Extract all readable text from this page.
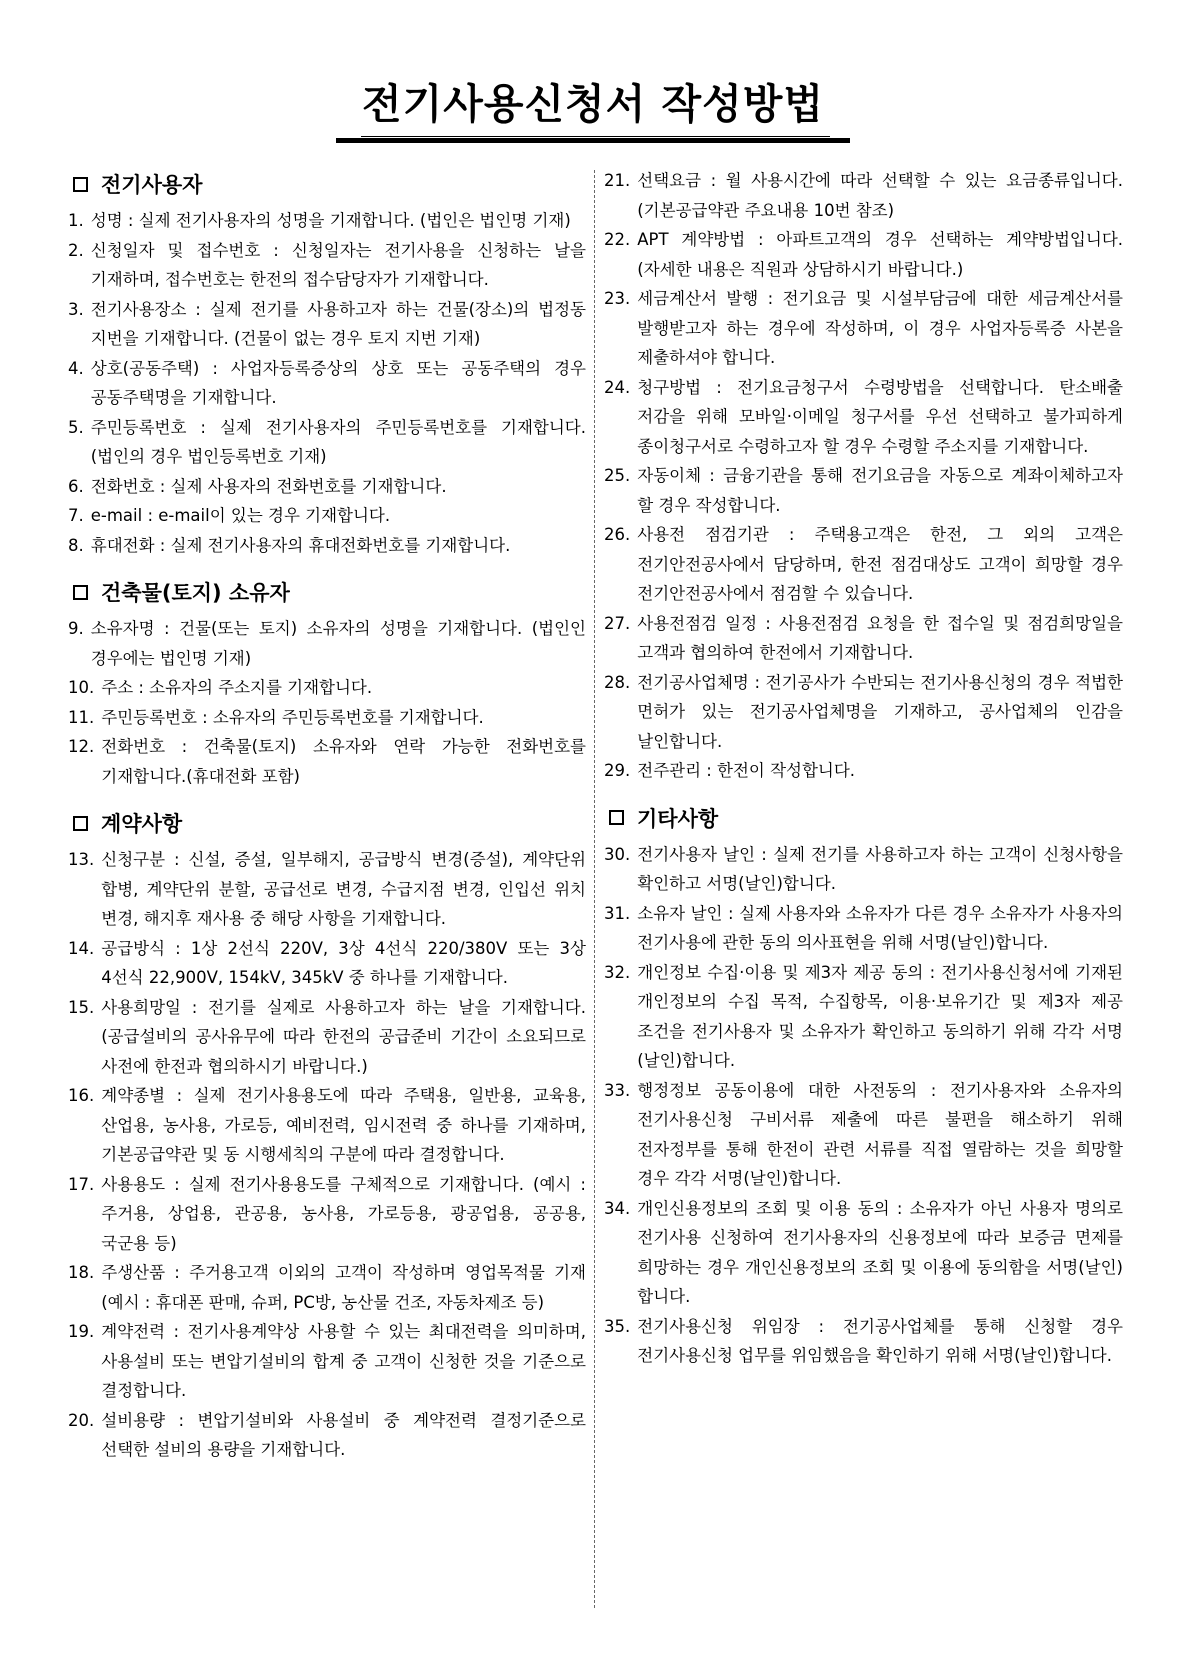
전기사용신청서 작성방법
전기사용자
1. 성명 : 실제 전기사용자의 성명을 기재합니다. (법인은 법인명 기재)
2. 신청일자 및 접수번호 : 신청일자는 전기사용을 신청하는 날을 기재하며, 접수번호는 한전의 접수담당자가 기재합니다.
3. 전기사용장소 : 실제 전기를 사용하고자 하는 건물(장소)의 법정동 지번을 기재합니다. (건물이 없는 경우 토지 지번 기재)
4. 상호(공동주택) : 사업자등록증상의 상호 또는 공동주택의 경우 공동주택명을 기재합니다.
5. 주민등록번호 : 실제 전기사용자의 주민등록번호를 기재합니다. (법인의 경우 법인등록번호 기재)
6. 전화번호 : 실제 사용자의 전화번호를 기재합니다.
7. e-mail : e-mail이 있는 경우 기재합니다.
8. 휴대전화 : 실제 전기사용자의 휴대전화번호를 기재합니다.
건축물(토지) 소유자
9. 소유자명 : 건물(또는 토지) 소유자의 성명을 기재합니다. (법인인 경우에는 법인명 기재)
10. 주소 : 소유자의 주소지를 기재합니다.
11. 주민등록번호 : 소유자의 주민등록번호를 기재합니다.
12. 전화번호 : 건축물(토지) 소유자와 연락 가능한 전화번호를 기재합니다.(휴대전화 포함)
계약사항
13. 신청구분 : 신설, 증설, 일부해지, 공급방식 변경(증설), 계약단위 합병, 계약단위 분할, 공급선로 변경, 수급지점 변경, 인입선 위치 변경, 해지후 재사용 중 해당 사항을 기재합니다.
14. 공급방식 : 1상 2선식 220V, 3상 4선식 220/380V 또는 3상 4선식 22,900V, 154kV, 345kV 중 하나를 기재합니다.
15. 사용희망일 : 전기를 실제로 사용하고자 하는 날을 기재합니다. (공급설비의 공사유무에 따라 한전의 공급준비 기간이 소요되므로 사전에 한전과 협의하시기 바랍니다.)
16. 계약종별 : 실제 전기사용용도에 따라 주택용, 일반용, 교육용, 산업용, 농사용, 가로등, 예비전력, 임시전력 중 하나를 기재하며, 기본공급약관 및 동 시행세칙의 구분에 따라 결정합니다.
17. 사용용도 : 실제 전기사용용도를 구체적으로 기재합니다. (예시 : 주거용, 상업용, 관공용, 농사용, 가로등용, 광공업용, 공공용, 국군용 등)
18. 주생산품 : 주거용고객 이외의 고객이 작성하며 영업목적물 기재 (예시 : 휴대폰 판매, 슈퍼, PC방, 농산물 건조, 자동차제조 등)
19. 계약전력 : 전기사용계약상 사용할 수 있는 최대전력을 의미하며, 사용설비 또는 변압기설비의 합계 중 고객이 신청한 것을 기준으로 결정합니다.
20. 설비용량 : 변압기설비와 사용설비 중 계약전력 결정기준으로 선택한 설비의 용량을 기재합니다.
21. 선택요금 : 월 사용시간에 따라 선택할 수 있는 요금종류입니다. (기본공급약관 주요내용 10번 참조)
22. APT 계약방법 : 아파트고객의 경우 선택하는 계약방법입니다. (자세한 내용은 직원과 상담하시기 바랍니다.)
23. 세금계산서 발행 : 전기요금 및 시설부담금에 대한 세금계산서를 발행받고자 하는 경우에 작성하며, 이 경우 사업자등록증 사본을 제출하셔야 합니다.
24. 청구방법 : 전기요금청구서 수령방법을 선택합니다. 탄소배출 저감을 위해 모바일·이메일 청구서를 우선 선택하고 불가피하게 종이청구서로 수령하고자 할 경우 수령할 주소지를 기재합니다.
25. 자동이체 : 금융기관을 통해 전기요금을 자동으로 계좌이체하고자 할 경우 작성합니다.
26. 사용전 점검기관 : 주택용고객은 한전, 그 외의 고객은 전기안전공사에서 담당하며, 한전 점검대상도 고객이 희망할 경우 전기안전공사에서 점검할 수 있습니다.
27. 사용전점검 일정 : 사용전점검 요청을 한 접수일 및 점검희망일을 고객과 협의하여 한전에서 기재합니다.
28. 전기공사업체명 : 전기공사가 수반되는 전기사용신청의 경우 적법한 면허가 있는 전기공사업체명을 기재하고, 공사업체의 인감을 날인합니다.
29. 전주관리 : 한전이 작성합니다.
기타사항
30. 전기사용자 날인 : 실제 전기를 사용하고자 하는 고객이 신청사항을 확인하고 서명(날인)합니다.
31. 소유자 날인 : 실제 사용자와 소유자가 다른 경우 소유자가 사용자의 전기사용에 관한 동의 의사표현을 위해 서명(날인)합니다.
32. 개인정보 수집·이용 및 제3자 제공 동의 : 전기사용신청서에 기재된 개인정보의 수집 목적, 수집항목, 이용·보유기간 및 제3자 제공 조건을 전기사용자 및 소유자가 확인하고 동의하기 위해 각각 서명(날인)합니다.
33. 행정정보 공동이용에 대한 사전동의 : 전기사용자와 소유자의 전기사용신청 구비서류 제출에 따른 불편을 해소하기 위해 전자정부를 통해 한전이 관련 서류를 직접 열람하는 것을 희망할 경우 각각 서명(날인)합니다.
34. 개인신용정보의 조회 및 이용 동의 : 소유자가 아닌 사용자 명의로 전기사용 신청하여 전기사용자의 신용정보에 따라 보증금 면제를 희망하는 경우 개인신용정보의 조회 및 이용에 동의함을 서명(날인)합니다.
35. 전기사용신청 위임장 : 전기공사업체를 통해 신청할 경우 전기사용신청 업무를 위임했음을 확인하기 위해 서명(날인)합니다.
